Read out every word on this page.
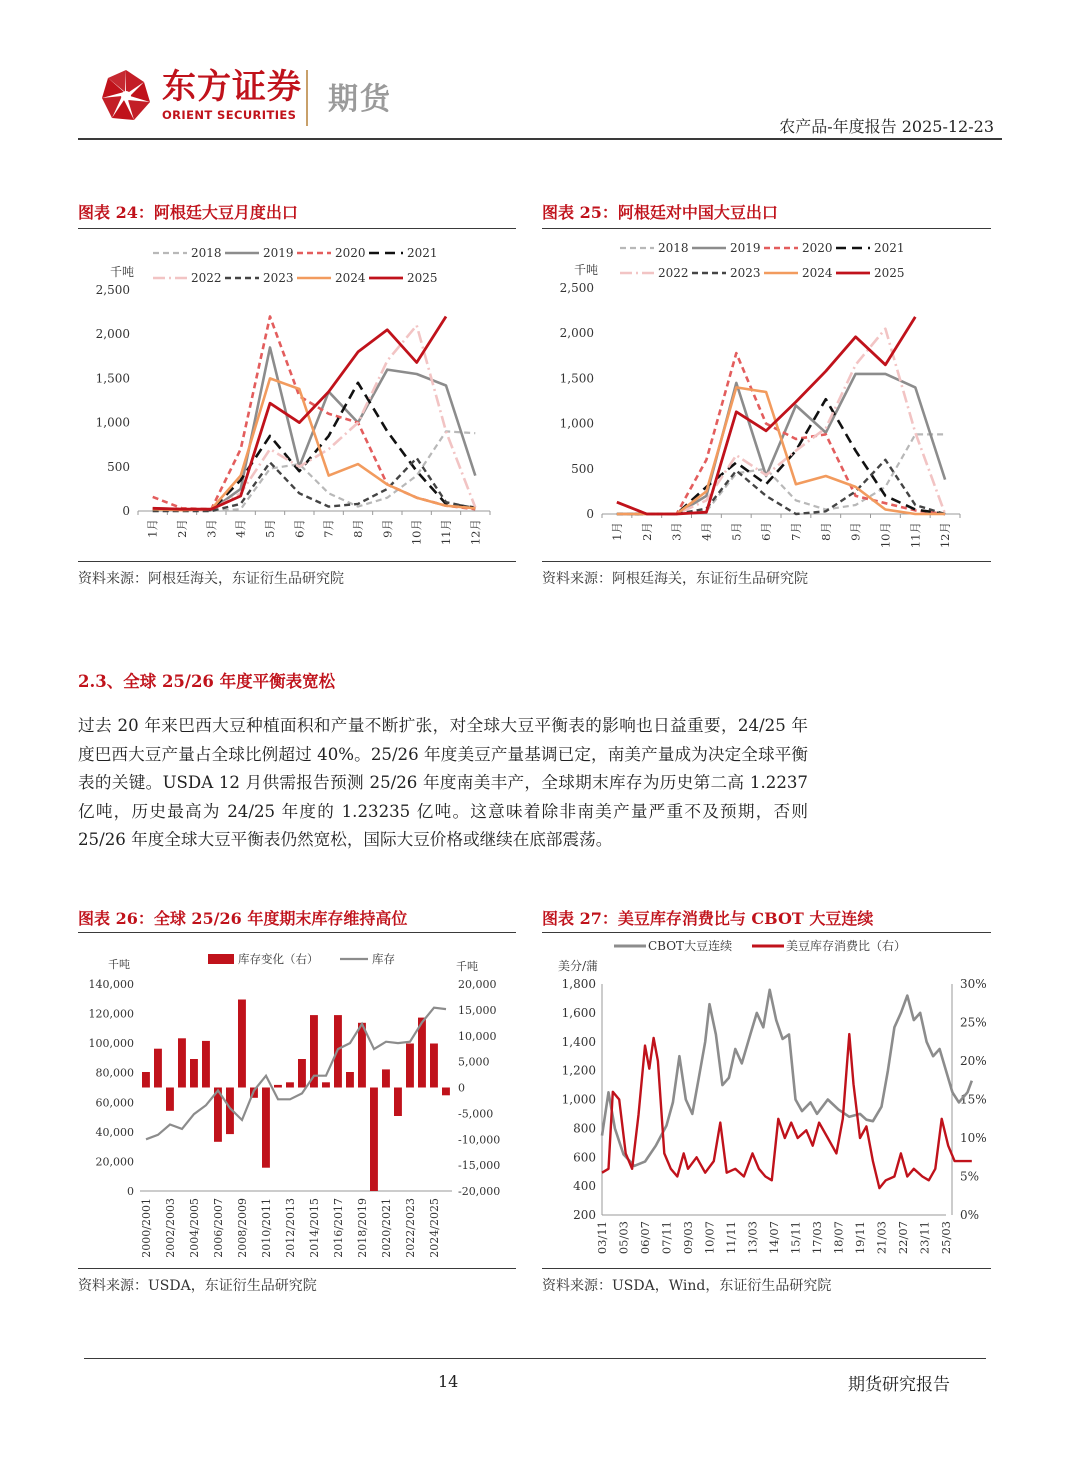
东方证券
ORIENT SECURITIES 期货
农产品-年度报告 2025-12-23
图表 24：阿根廷大豆月度出口
千吨
0
500
1,000
1,500
2,000
2,500
1月 2月 3月 4月 5月 6月 7月 8月 9月 10月 11月 12月
2018	2019	2020	2021
2022	2023	2024	2025
资料来源：阿根廷海关，东证衍生品研究院
图表 25：阿根廷对中国大豆出口
千吨
0
500
1,000
1,500
2,000
2,500
1月 2月 3月 4月 5月 6月 7月 8月 9月 10月 11月 12月
2018	2019	2020	2021
2022	2023	2024	2025
资料来源：阿根廷海关，东证衍生品研究院
2.3、全球 25/26 年度平衡表宽松
过去 20 年来巴西大豆种植面积和产量不断扩张，对全球大豆平衡表的影响也日益重要，24/25 年度巴西大豆产量占全球比例超过 40%。25/26 年度美豆产量基调已定，南美产量成为决定全球平衡表的关键。USDA 12 月供需报告预测 25/26 年度南美丰产，全球期末库存为历史第二高 1.2237 亿吨，历史最高为 24/25 年度的 1.23235 亿吨。这意味着除非南美产量严重不及预期，否则 25/26 年度全球大豆平衡表仍然宽松，国际大豆价格或继续在底部震荡。
图表 26：全球 25/26 年度期末库存维持高位
千吨	千吨
0
20,000
40,000
60,000
80,000
100,000
120,000
140,000
-20,000
-15,000
-10,000
-5,000
0
5,000
10,000
15,000
20,000
2000/2001 2002/2003 2004/2005 2006/2007 2008/2009 2010/2011 2012/2013 2014/2015 2016/2017 2018/2019 2020/2021 2022/2023 2024/2025
库存变化（右）	库存
资料来源：USDA，东证衍生品研究院
图表 27：美豆库存消费比与 CBOT 大豆连续
美分/蒲
200
400
600
800
1,000
1,200
1,400
1,600
1,800
0%
5%
10%
15%
20%
25%
30%
03/11 05/03 06/07 07/11 09/03 10/07 11/11 13/03 14/07 15/11 17/03 18/07 19/11 21/03 22/07 23/11 25/03
CBOT大豆连续	美豆库存消费比（右）
资料来源：USDA，Wind，东证衍生品研究院
14	期货研究报告
